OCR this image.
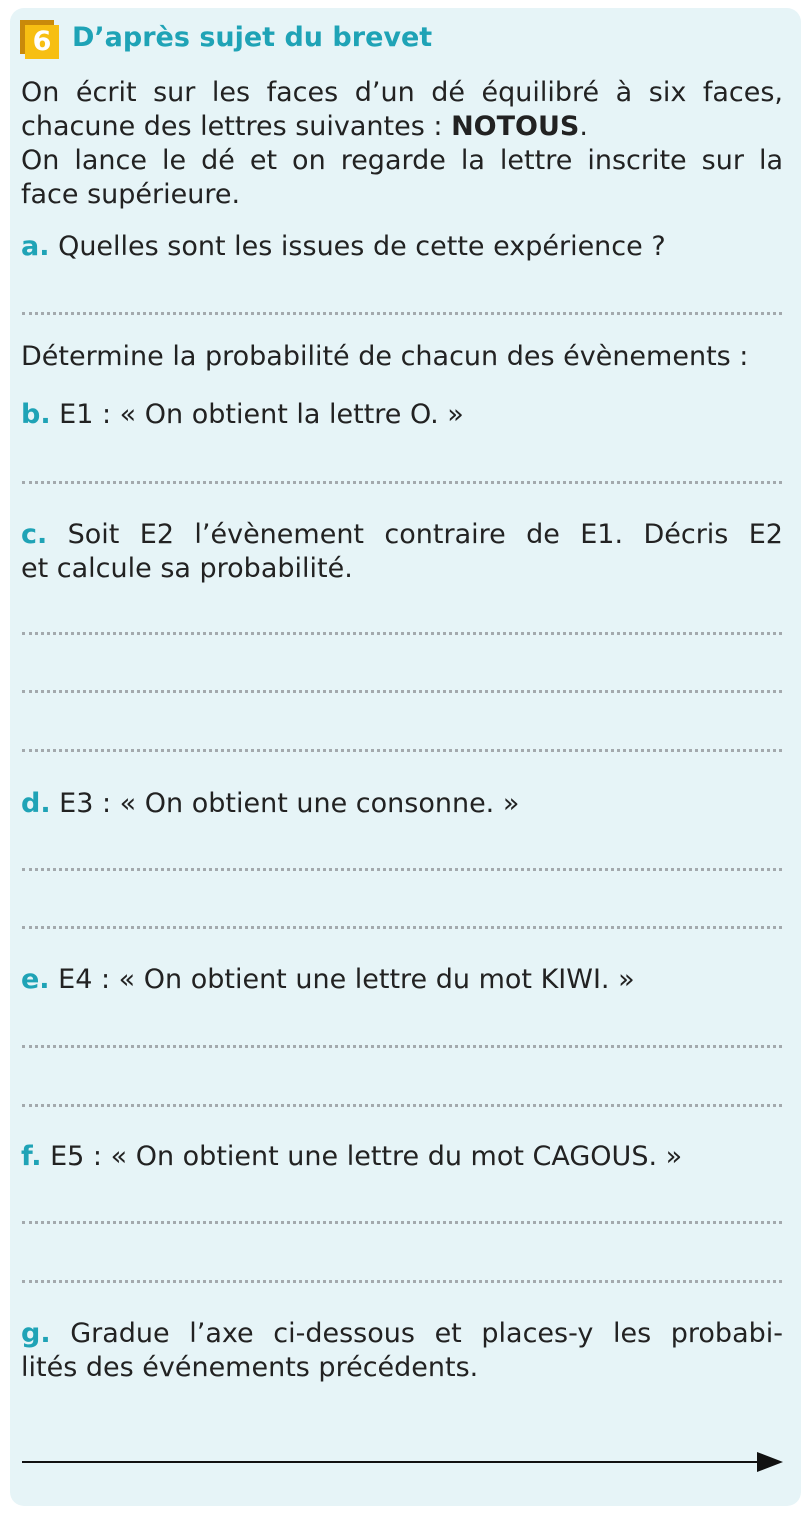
6 D’après sujet du brevet
On écrit sur les faces d’un dé équilibré à six faces,
chacune des lettres suivantes : NOTOUS.
On lance le dé et on regarde la lettre inscrite sur la
face supérieure.
a. Quelles sont les issues de cette expérience ?
Détermine la probabilité de chacun des évènements :
b. E1 : « On obtient la lettre O. »
c. Soit E2 l’évènement contraire de E1. Décris E2
et calcule sa probabilité.
d. E3 : « On obtient une consonne. »
e. E4 : « On obtient une lettre du mot KIWI. »
f. E5 : « On obtient une lettre du mot CAGOUS. »
g. Gradue l’axe ci-dessous et places-y les probabi-
lités des événements précédents.
